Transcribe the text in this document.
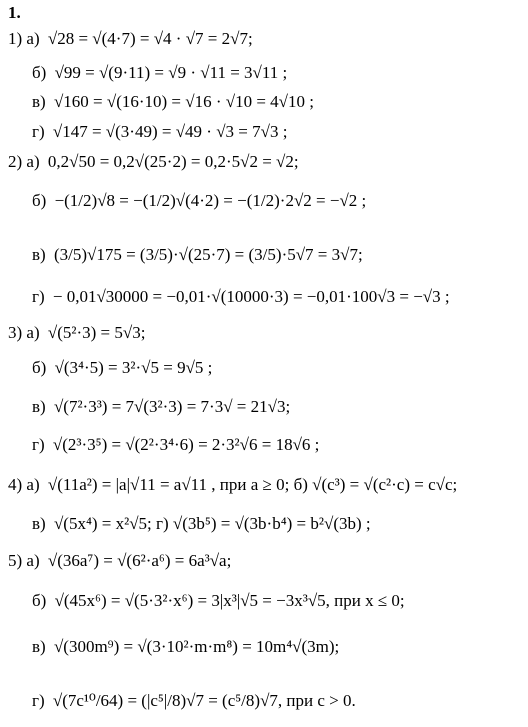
1.
1) а) √28 = √(4·7) = √4 · √7 = 2√7;
б) √99 = √(9·11) = √9 · √11 = 3√11 ;
в) √160 = √(16·10) = √16 · √10 = 4√10 ;
г) √147 = √(3·49) = √49 · √3 = 7√3 ;
2) а) 0,2√50 = 0,2√(25·2) = 0,2·5√2 = √2;
б) −(1/2)√8 = −(1/2)√(4·2) = −(1/2)·2√2 = −√2 ;
в) (3/5)√175 = (3/5)·√(25·7) = (3/5)·5√7 = 3√7;
г) − 0,01√30000 = −0,01·√(10000·3) = −0,01·100√3 = −√3 ;
3) а) √(5²·3) = 5√3;
б) √(3⁴·5) = 3²·√5 = 9√5 ;
в) √(7²·3³) = 7√(3²·3) = 7·3√ = 21√3;
г) √(2³·3⁵) = √(2²·3⁴·6) = 2·3²√6 = 18√6 ;
4) а) √(11a²) = |a|√11 = a√11 , при a ≥ 0; б) √(c³) = √(c²·c) = c√c;
в) √(5x⁴) = x²√5; г) √(3b⁵) = √(3b·b⁴) = b²√(3b) ;
5) а) √(36a⁷) = √(6²·a⁶) = 6a³√a;
б) √(45x⁶) = √(5·3²·x⁶) = 3|x³|√5 = −3x³√5, при x ≤ 0;
в) √(300m⁹) = √(3·10²·m·m⁸) = 10m⁴√(3m);
г) √(7c¹⁰/64) = (|c⁵|/8)√7 = (c⁵/8)√7, при c > 0.
